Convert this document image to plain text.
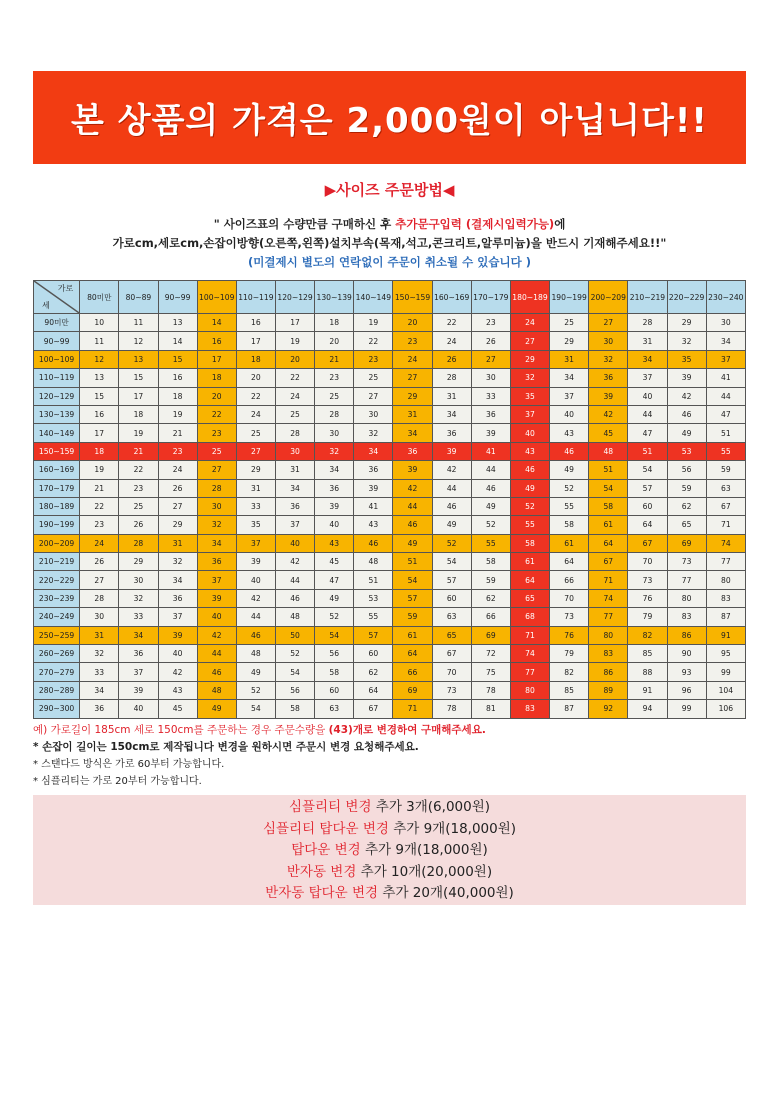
본 상품의 가격은 2,000원이 아닙니다!!
▶사이즈 주문방법◀
" 사이즈표의 수량만큼 구매하신 후 추가문구입력 (결제시입력가능)에
가로cm,세로cm,손잡이방향(오른쪽,왼쪽)설치부속(목재,석고,콘크리트,알루미늄)을 반드시 기재해주세요!!"
(미결제시 별도의 연락없이 주문이 취소될 수 있습니다 )
가로
세	80미만	80~89	90~99	100~109	110~119	120~129	130~139	140~149	150~159	160~169	170~179	180~189	190~199	200~209	210~219	220~229	230~240
90미만	10	11	13	14	16	17	18	19	20	22	23	24	25	27	28	29	30
90~99	11	12	14	16	17	19	20	22	23	24	26	27	29	30	31	32	34
100~109	12	13	15	17	18	20	21	23	24	26	27	29	31	32	34	35	37
110~119	13	15	16	18	20	22	23	25	27	28	30	32	34	36	37	39	41
120~129	15	17	18	20	22	24	25	27	29	31	33	35	37	39	40	42	44
130~139	16	18	19	22	24	25	28	30	31	34	36	37	40	42	44	46	47
140~149	17	19	21	23	25	28	30	32	34	36	39	40	43	45	47	49	51
150~159	18	21	23	25	27	30	32	34	36	39	41	43	46	48	51	53	55
160~169	19	22	24	27	29	31	34	36	39	42	44	46	49	51	54	56	59
170~179	21	23	26	28	31	34	36	39	42	44	46	49	52	54	57	59	63
180~189	22	25	27	30	33	36	39	41	44	46	49	52	55	58	60	62	67
190~199	23	26	29	32	35	37	40	43	46	49	52	55	58	61	64	65	71
200~209	24	28	31	34	37	40	43	46	49	52	55	58	61	64	67	69	74
210~219	26	29	32	36	39	42	45	48	51	54	58	61	64	67	70	73	77
220~229	27	30	34	37	40	44	47	51	54	57	59	64	66	71	73	77	80
230~239	28	32	36	39	42	46	49	53	57	60	62	65	70	74	76	80	83
240~249	30	33	37	40	44	48	52	55	59	63	66	68	73	77	79	83	87
250~259	31	34	39	42	46	50	54	57	61	65	69	71	76	80	82	86	91
260~269	32	36	40	44	48	52	56	60	64	67	72	74	79	83	85	90	95
270~279	33	37	42	46	49	54	58	62	66	70	75	77	82	86	88	93	99
280~289	34	39	43	48	52	56	60	64	69	73	78	80	85	89	91	96	104
290~300	36	40	45	49	54	58	63	67	71	78	81	83	87	92	94	99	106
예) 가로길이 185cm 세로 150cm를 주문하는 경우 주문수량을 (43)개로 변경하여 구매해주세요.
* 손잡이 길이는 150cm로 제작됩니다 변경을 원하시면 주문시 변경 요청해주세요.
* 스탠다드 방식은 가로 60부터 가능합니다.
* 심플리티는 가로 20부터 가능합니다.
심플리티 변경 추가 3개(6,000원)
심플리티 탑다운 변경 추가 9개(18,000원)
탑다운 변경 추가 9개(18,000원)
반자동 변경 추가 10개(20,000원)
반자동 탑다운 변경 추가 20개(40,000원)
